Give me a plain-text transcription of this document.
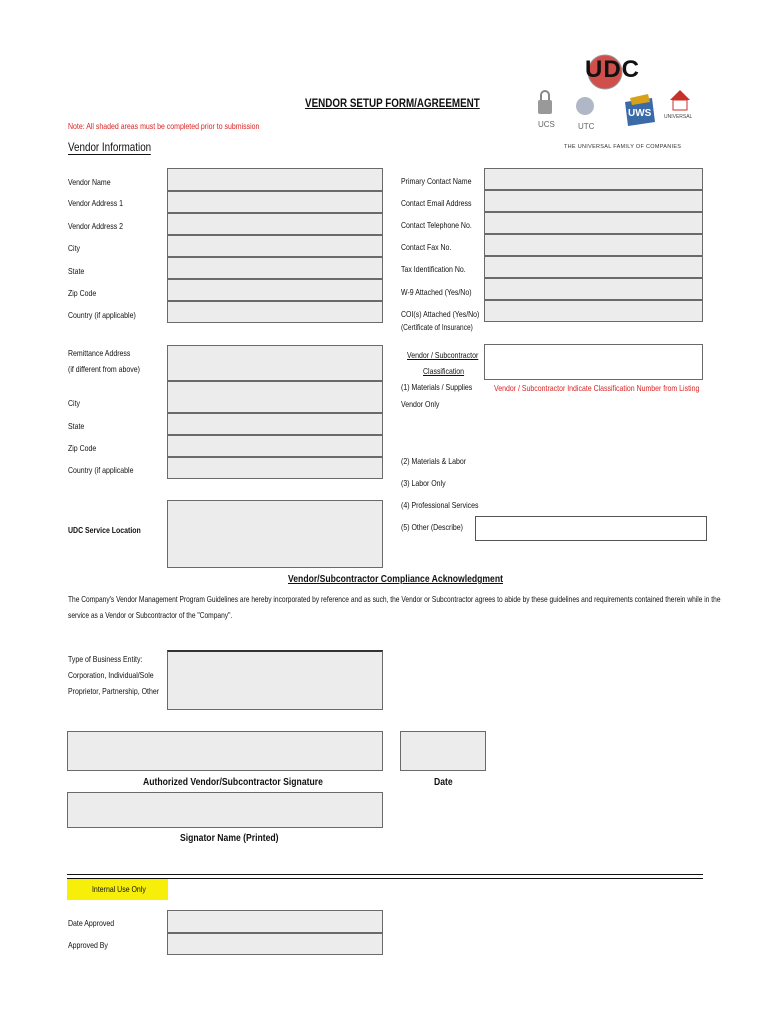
UDC
UCS	UTC
UWS	UNIVERSAL
THE UNIVERSAL FAMILY OF COMPANIES
VENDOR SETUP FORM/AGREEMENT
Note: All shaded areas must be completed prior to submission
Vendor Information
Vendor Name
Vendor Address 1
Vendor Address 2
City
State
Zip Code
Country (if applicable)
Primary Contact Name
Contact Email Address
Contact Telephone No.
Contact Fax No.
Tax Identification No.
W-9 Attached (Yes/No)
COI(s) Attached (Yes/No)
(Certificate of Insurance)
Remittance Address
(if different from above)
City
State
Zip Code
Country (if applicable
Vendor / Subcontractor
Classification
(1) Materials / Supplies
Vendor Only
Vendor / Subcontractor Indicate Classification Number from Listing
(2) Materials & Labor
(3) Labor Only
(4) Professional Services
(5) Other (Describe)
UDC Service Location
Vendor/Subcontractor Compliance Acknowledgment
The Company's Vendor Management Program Guidelines are hereby incorporated by reference and as such, the Vendor or Subcontractor agrees to abide by these guidelines and requirements contained therein while in the
service as a Vendor or Subcontractor of the "Company".
Type of Business Entity:
Corporation, Individual/Sole
Proprietor, Partnership, Other
Authorized Vendor/Subcontractor Signature	Date
Signator Name (Printed)
Internal Use Only
Date Approved
Approved By
